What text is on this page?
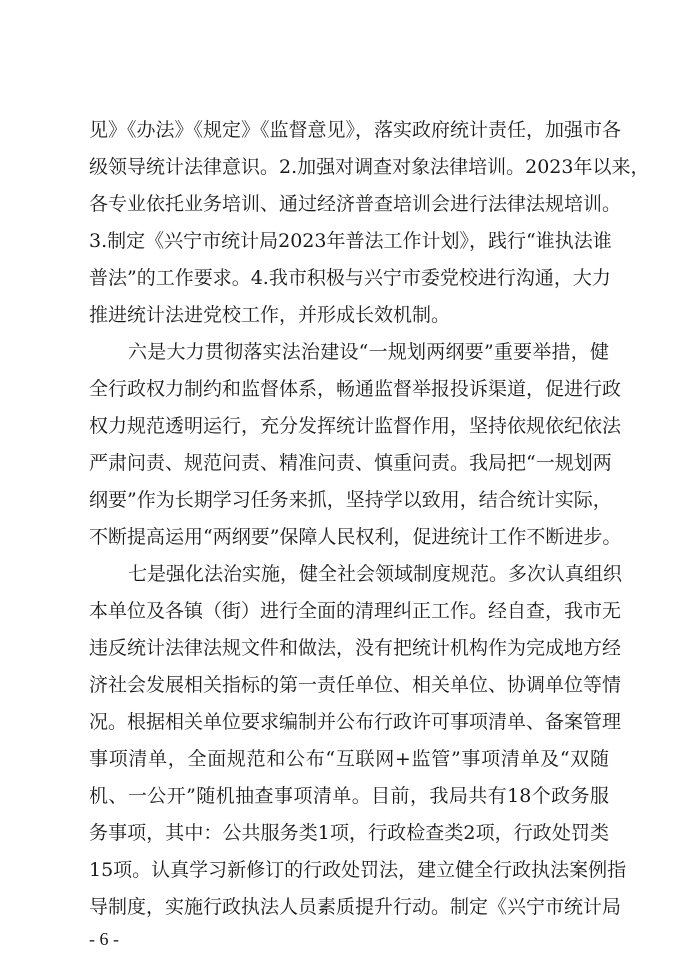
见》《办法》《规定》《监督意见》，落实政府统计责任，加强市各
级领导统计法律意识。2.加强对调查对象法律培训。2023年以来，
各专业依托业务培训、通过经济普查培训会进行法律法规培训。
3.制定《兴宁市统计局2023年普法工作计划》，践行“谁执法谁
普法”的工作要求。4.我市积极与兴宁市委党校进行沟通，大力
推进统计法进党校工作，并形成长效机制。
六是大力贯彻落实法治建设“一规划两纲要”重要举措，健
全行政权力制约和监督体系，畅通监督举报投诉渠道，促进行政
权力规范透明运行，充分发挥统计监督作用，坚持依规依纪依法
严肃问责、规范问责、精准问责、慎重问责。我局把“一规划两
纲要”作为长期学习任务来抓，坚持学以致用，结合统计实际，
不断提高运用“两纲要”保障人民权利，促进统计工作不断进步。
七是强化法治实施，健全社会领域制度规范。多次认真组织
本单位及各镇（街）进行全面的清理纠正工作。经自查，我市无
违反统计法律法规文件和做法，没有把统计机构作为完成地方经
济社会发展相关指标的第一责任单位、相关单位、协调单位等情
况。根据相关单位要求编制并公布行政许可事项清单、备案管理
事项清单，全面规范和公布“互联网+监管”事项清单及“双随
机、一公开”随机抽查事项清单。目前，我局共有18个政务服
务事项，其中：公共服务类1项，行政检查类2项，行政处罚类
15项。认真学习新修订的行政处罚法，建立健全行政执法案例指
导制度，实施行政执法人员素质提升行动。制定《兴宁市统计局
- 6 -
